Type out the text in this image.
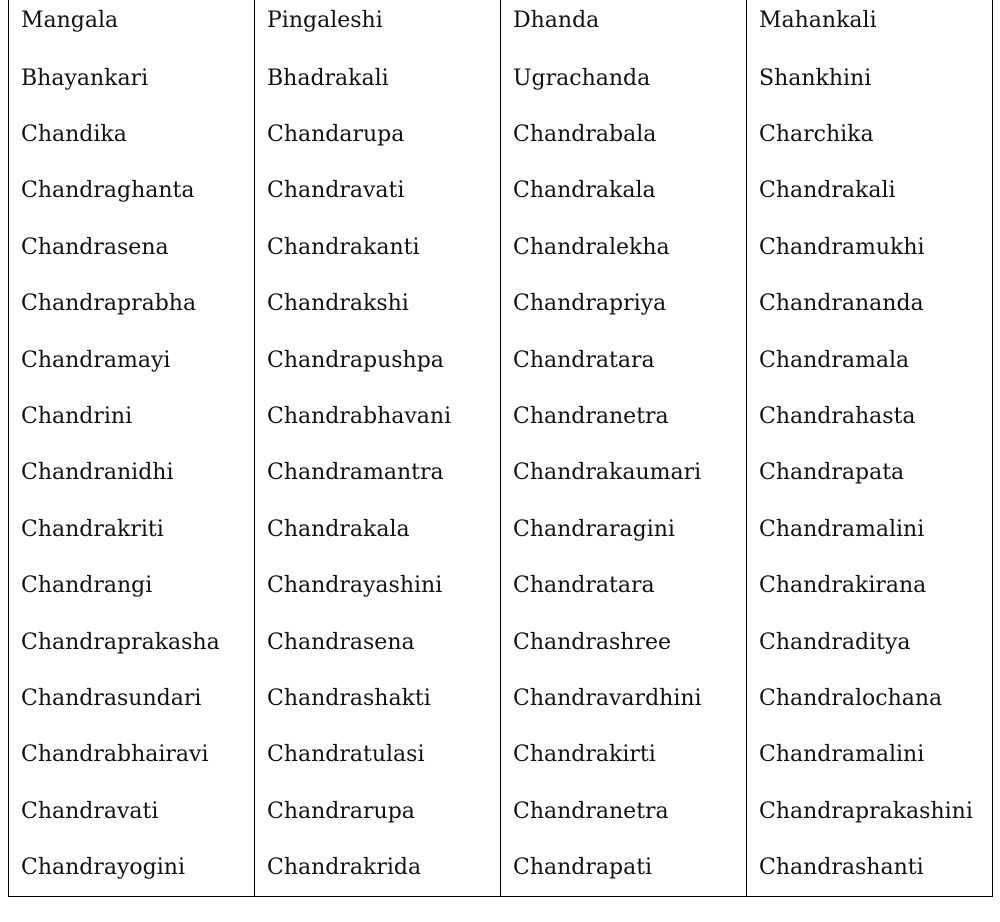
Mangala	Pingaleshi	Dhanda	Mahankali
Bhayankari	Bhadrakali	Ugrachanda	Shankhini
Chandika	Chandarupa	Chandrabala	Charchika
Chandraghanta	Chandravati	Chandrakala	Chandrakali
Chandrasena	Chandrakanti	Chandralekha	Chandramukhi
Chandraprabha	Chandrakshi	Chandrapriya	Chandrananda
Chandramayi	Chandrapushpa	Chandratara	Chandramala
Chandrini	Chandrabhavani	Chandranetra	Chandrahasta
Chandranidhi	Chandramantra	Chandrakaumari	Chandrapata
Chandrakriti	Chandrakala	Chandraragini	Chandramalini
Chandrangi	Chandrayashini	Chandratara	Chandrakirana
Chandraprakasha	Chandrasena	Chandrashree	Chandraditya
Chandrasundari	Chandrashakti	Chandravardhini	Chandralochana
Chandrabhairavi	Chandratulasi	Chandrakirti	Chandramalini
Chandravati	Chandrarupa	Chandranetra	Chandraprakashini
Chandrayogini	Chandrakrida	Chandrapati	Chandrashanti
